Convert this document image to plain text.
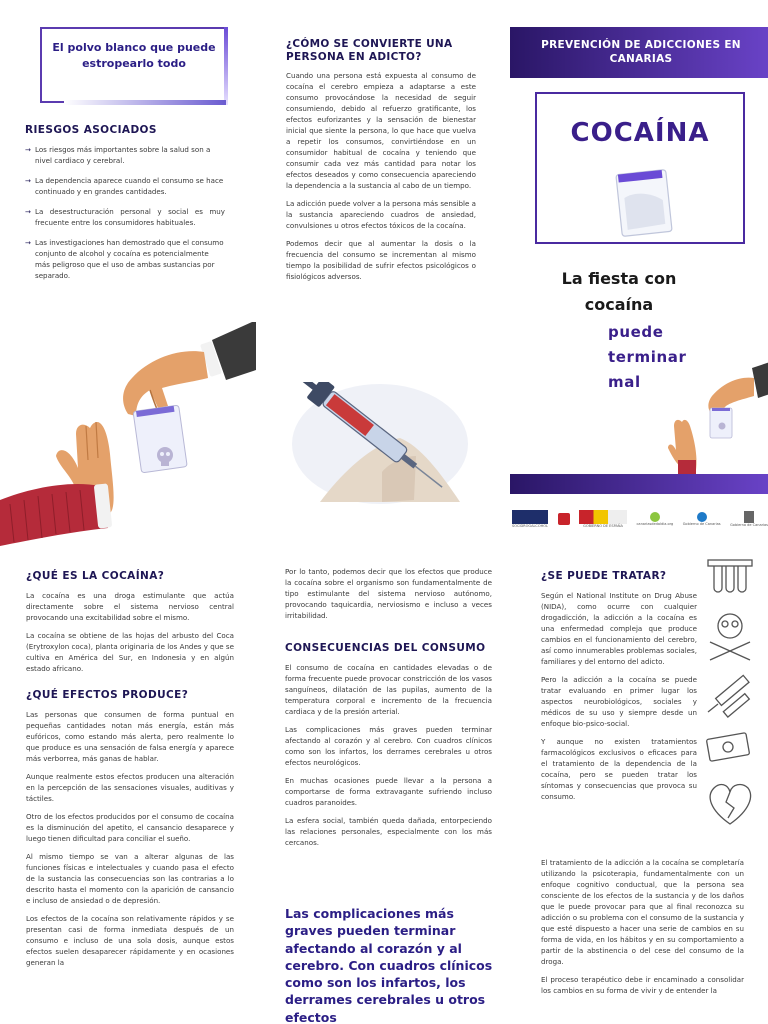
El polvo blanco que puede estropearlo todo
RIESGOS ASOCIADOS
→ Los riesgos más importantes sobre la salud son a nivel cardiaco y cerebral.
→ La dependencia aparece cuando el consumo se hace continuado y en grandes cantidades.
→ La desestructuración personal y social es muy frecuente entre los consumidores habituales.
→ Las investigaciones han demostrado que el consumo conjunto de alcohol y cocaína es potencialmente más peligroso que el uso de ambas sustancias por separado.
¿CÓMO SE CONVIERTE UNA PERSONA EN ADICTO?
Cuando una persona está expuesta al consumo de cocaína el cerebro empieza a adaptarse a este consumo provocándose la necesidad de seguir consumiendo, debido al refuerzo gratificante, los efectos euforizantes y la sensación de bienestar inicial que siente la persona, lo que hace que vuelva a repetir los consumos, convirtiéndose en un consumidor habitual de cocaína y teniendo que consumir cada vez más cantidad para notar los efectos deseados y como consecuencia apareciendo la dependencia a la sustancia al cabo de un tiempo.
La adicción puede volver a la persona más sensible a la sustancia apareciendo cuadros de ansiedad, convulsiones u otros efectos tóxicos de la cocaína.
Podemos decir que al aumentar la dosis o la frecuencia del consumo se incrementan al mismo tiempo la posibilidad de sufrir efectos psicológicos o fisiológicos adversos.
PREVENCIÓN DE ADICCIONES EN CANARIAS
COCAÍNA
La fiesta con cocaína
puede terminar mal
SOCIDROGALCOHOL	GOBIERNO DE ESPAÑA	canariasdedaldia.org	Gobierno de Canarias	Gobierno de Canarias
¿QUÉ ES LA COCAÍNA?
La cocaína es una droga estimulante que actúa directamente sobre el sistema nervioso central provocando una excitabilidad sobre el mismo.
La cocaína se obtiene de las hojas del arbusto del Coca (Erytroxylon coca), planta originaria de los Andes y que se cultiva en América del Sur, en Indonesia y en algún estado africano.
¿QUÉ EFECTOS PRODUCE?
Las personas que consumen de forma puntual en pequeñas cantidades notan más energía, están más eufóricos, como estando más alerta, pero realmente lo que produce es una sensación de falsa energía y aparece más verborrea, más ganas de hablar.
Aunque realmente estos efectos producen una alteración en la percepción de las sensaciones visuales, auditivas y táctiles.
Otro de los efectos producidos por el consumo de cocaína es la disminución del apetito, el cansancio desaparece y luego tienen dificultad para conciliar el sueño.
Al mismo tiempo se van a alterar algunas de las funciones físicas e intelectuales y cuando pasa el efecto de la sustancia las consecuencias son las contrarias a lo descrito hasta el momento con la aparición de cansancio e incluso de ansiedad o de depresión.
Los efectos de la cocaína son relativamente rápidos y se presentan casi de forma inmediata después de un consumo e incluso de una sola dosis, aunque estos efectos suelen desaparecer rápidamente y en ocasiones generan la
Por lo tanto, podemos decir que los efectos que produce la cocaína sobre el organismo son fundamentalmente de tipo estimulante del sistema nervioso autónomo, provocando taquicardia, nerviosismo e incluso a veces irritabilidad.
CONSECUENCIAS DEL CONSUMO
El consumo de cocaína en cantidades elevadas o de forma frecuente puede provocar constricción de los vasos sanguíneos, dilatación de las pupilas, aumento de la temperatura corporal e incremento de la frecuencia cardiaca y de la presión arterial.
Las complicaciones más graves pueden terminar afectando al corazón y al cerebro. Con cuadros clínicos como son los infartos, los derrames cerebrales u otros efectos neurológicos.
En muchas ocasiones puede llevar a la persona a comportarse de forma extravagante sufriendo incluso cuadros paranoides.
La esfera social, también queda dañada, entorpeciendo las relaciones personales, especialmente con los más cercanos.
Las complicaciones más graves pueden terminar afectando al corazón y al cerebro. Con cuadros clínicos como son los infartos, los derrames cerebrales u otros efectos
¿SE PUEDE TRATAR?
Según el National Institute on Drug Abuse (NIDA), como ocurre con cualquier drogadicción, la adicción a la cocaína es una enfermedad compleja que produce cambios en el funcionamiento del cerebro, así como innumerables problemas sociales, familiares y del entorno del adicto.
Pero la adicción a la cocaína se puede tratar evaluando en primer lugar los aspectos neurobiológicos, sociales y médicos de su uso y siempre desde un enfoque bio-psico-social.
Y aunque no existen tratamientos farmacológicos exclusivos o eficaces para el tratamiento de la dependencia de la cocaína, pero se pueden tratar los síntomas y consecuencias que provoca su consumo.
El tratamiento de la adicción a la cocaína se completaría utilizando la psicoterapia, fundamentalmente con un enfoque cognitivo conductual, que la persona sea consciente de los efectos de la sustancia y de los daños que le puede provocar para que al final reconozca su adicción o su problema con el consumo de la sustancia y que esté dispuesto a hacer una serie de cambios en su forma de vida, en los hábitos y en su comportamiento a partir de la abstinencia o del cese del consumo de la droga.
El proceso terapéutico debe ir encaminado a consolidar los cambios en su forma de vivir y de entender la
